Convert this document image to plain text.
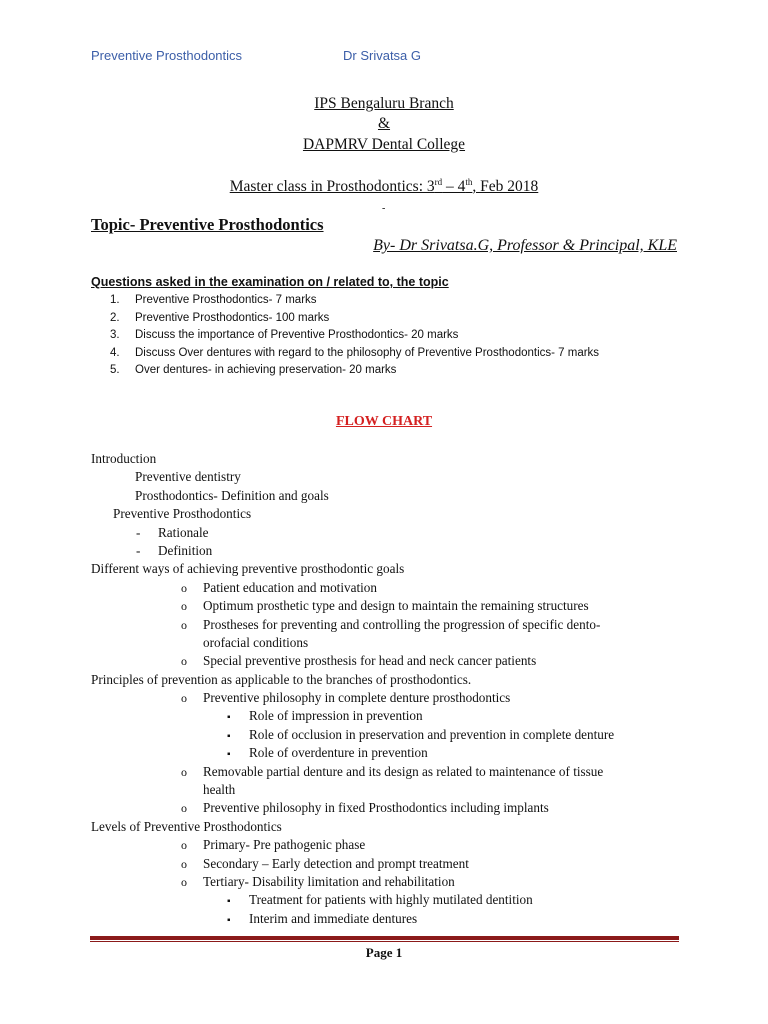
Preventive Prosthodontics	Dr Srivatsa G
IPS Bengaluru Branch
&
DAPMRV Dental College
Master class in Prosthodontics: 3rd – 4th, Feb 2018
-
Topic- Preventive Prosthodontics
By- Dr Srivatsa.G, Professor & Principal, KLE
Questions asked in the examination on / related to, the topic
1. Preventive Prosthodontics- 7 marks
2. Preventive Prosthodontics- 100 marks
3. Discuss the importance of Preventive Prosthodontics- 20 marks
4. Discuss Over dentures with regard to the philosophy of Preventive Prosthodontics- 7 marks
5. Over dentures- in achieving preservation- 20 marks
FLOW CHART
Introduction
Preventive dentistry
Prosthodontics- Definition and goals
Preventive Prosthodontics
- Rationale
- Definition
Different ways of achieving preventive prosthodontic goals
o Patient education and motivation
o Optimum prosthetic type and design to maintain the remaining structures
o Prostheses for preventing and controlling the progression of specific dento-
orofacial conditions
o Special preventive prosthesis for head and neck cancer patients
Principles of prevention as applicable to the branches of prosthodontics.
o Preventive philosophy in complete denture prosthodontics
▪ Role of impression in prevention
▪ Role of occlusion in preservation and prevention in complete denture
▪ Role of overdenture in prevention
o Removable partial denture and its design as related to maintenance of tissue
health
o Preventive philosophy in fixed Prosthodontics including implants
Levels of Preventive Prosthodontics
o Primary- Pre pathogenic phase
o Secondary – Early detection and prompt treatment
o Tertiary- Disability limitation and rehabilitation
▪ Treatment for patients with highly mutilated dentition
▪ Interim and immediate dentures
Page 1
